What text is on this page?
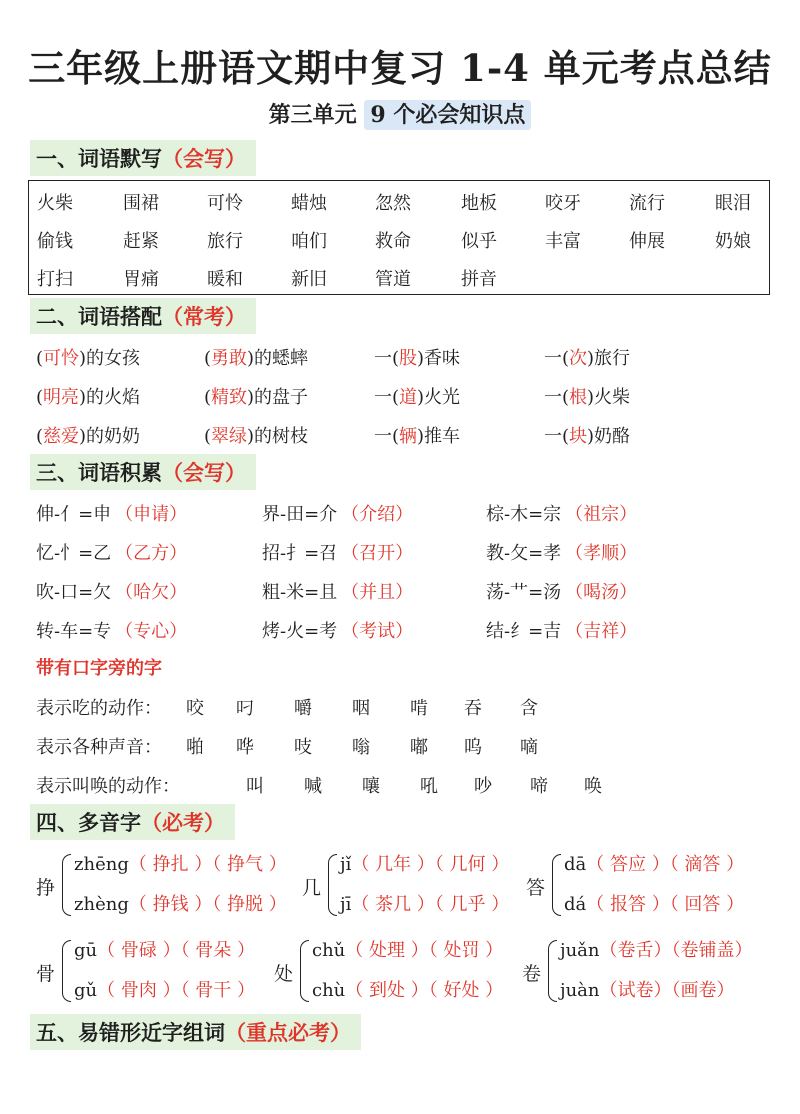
三年级上册语文期中复习 1-4 单元考点总结
第三单元 9 个必会知识点
一、词语默写（会写）
火柴	围裙	可怜	蜡烛	忽然	地板	咬牙	流行	眼泪
偷钱	赶紧	旅行	咱们	救命	似乎	丰富	伸展	奶娘
打扫	胃痛	暖和	新旧	管道	拼音
二、词语搭配（常考）
(可怜)的女孩	(勇敢)的蟋蟀	一(股)香味	一(次)旅行
(明亮)的火焰	(精致)的盘子	一(道)火光	一(根)火柴
(慈爱)的奶奶	(翠绿)的树枝	一(辆)推车	一(块)奶酪
三、词语积累（会写）
伸-亻=申 （申请）	界-田=介 （介绍）	棕-木=宗 （祖宗）
忆-忄=乙 （乙方）	招-扌=召 （召开）	教-攵=孝 （孝顺）
吹-口=欠 （哈欠）	粗-米=且 （并且）	荡-艹=汤 （喝汤）
转-车=专 （专心）	烤-火=考 （考试）	结-纟=吉 （吉祥）
带有口字旁的字
表示吃的动作： 咬 叼 嚼 咽 啃 吞 含
表示各种声音： 啪 哗 吱 嗡 嘟 呜 嘀
表示叫唤的动作：	叫 喊 嚷 吼 吵 啼 唤
四、多音字（必考）
挣
zhēng（ 挣扎 ）（ 挣气 ）
zhèng（ 挣钱 ）（ 挣脱 ）
几
jǐ（ 几年 ）（ 几何 ）
jī（ 茶几 ）（ 几乎 ）
答
dā（ 答应 ）（ 滴答 ）
dá（ 报答 ）（ 回答 ）
骨
gū（ 骨碌 ）（ 骨朵 ）
gǔ（ 骨肉 ）（ 骨干 ）
处
chǔ（ 处理 ）（ 处罚 ）
chù（ 到处 ）（ 好处 ）
卷
juǎn（卷舌）（卷铺盖）
juàn（试卷）（画卷）
五、易错形近字组词（重点必考）
